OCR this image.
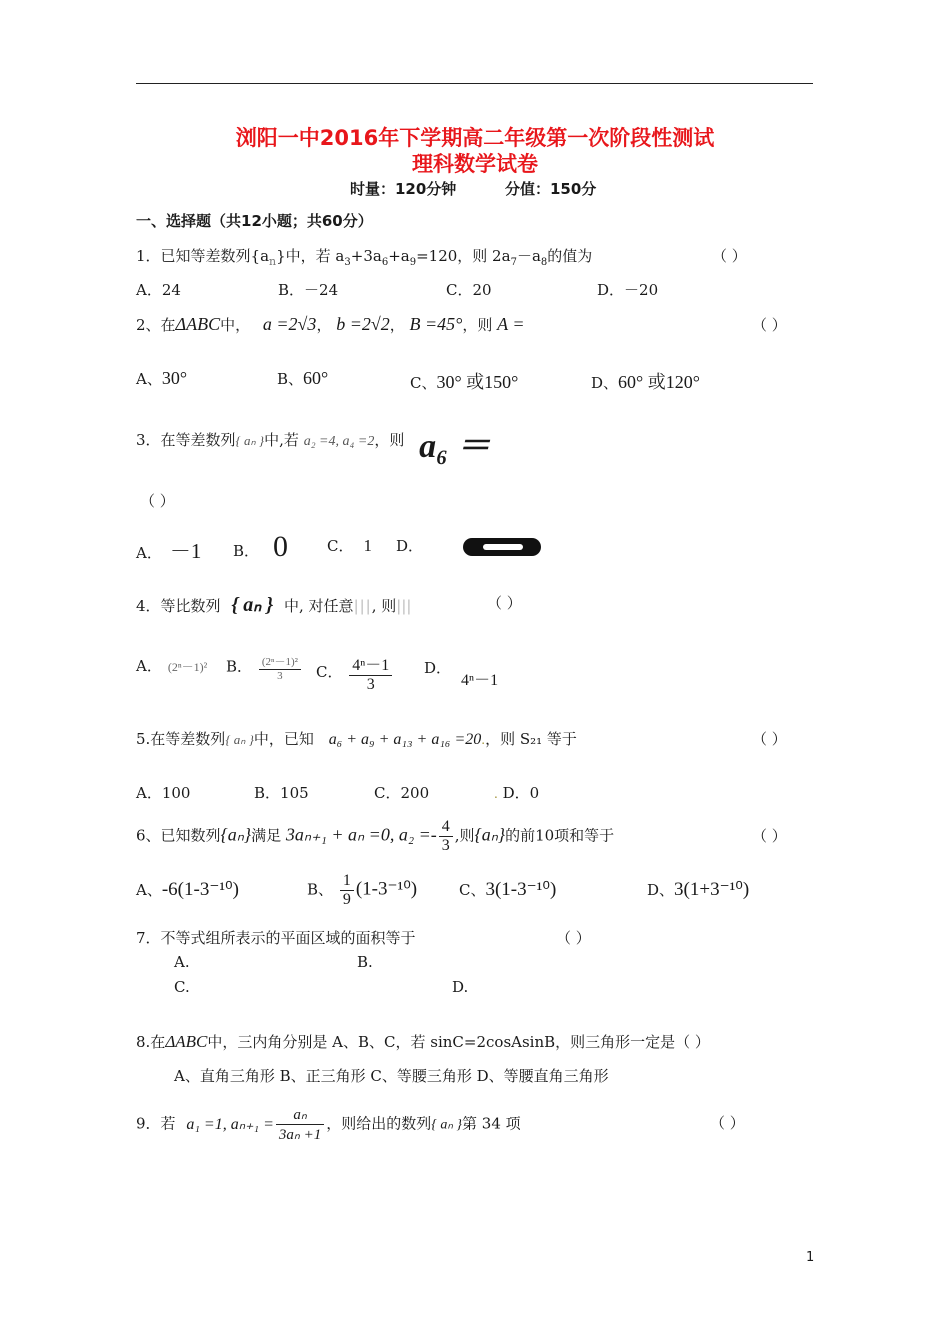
浏阳一中2016年下学期高二年级第一次阶段性测试
理科数学试卷
时量：120分钟	分值：150分
一、选择题（共12小题；共60分）
1．已知等差数列$\{a_n\}$中，若 $a_3+3a_6+a_9=120$，则 $2a_7-a_8$的值为	（ ）
A．24	B．－24	C．20	D．－20
2、在ΔABC中， a =2√3， b =2√2， B =45°，则 A =	（ ）
A、30°	B、60°	C、30° 或150°	D、60° 或120°
3．在等差数列{ aₙ }中,若 a₂ =4, a₄ =2，则 a₆ ＝
（ ）
A． －1 B． 0	C． 1 D．
4．等比数列 { aₙ } 中, 对任意|||, 则|||	（ ）
A． (2ⁿ－1)² B． $\frac{\text{(2ⁿ－1)²}}{3}$ C． $\frac{\text{4ⁿ－1}}{3}$ D．4ⁿ－1
5.在等差数列{ aₙ }中，已知 a₆ + a₉ + a₁₃ + a₁₆ =20.，则 S₂₁ 等于	（ ）
A．100	B．105	C．200	. D．0
6、已知数列{aₙ}满足 3aₙ₊₁ + aₙ =0, $a_2 =- \frac{4}{3}$ ,则{aₙ}的前10项和等于	（ ）
A、-6(1-3⁻¹⁰)	B、 $\frac{1}{9} (1-3^{-10})$	C、3(1-3⁻¹⁰)	D、3(1+3⁻¹⁰)
7．不等式组所表示的平面区域的面积等于	（ ）
A.	B.
C.	D.
8.在ΔABC中，三内角分别是 A、B、C，若 sinC=2cosAsinB，则三角形一定是（ ）
A、直角三角形 B、正三角形 C、等腰三角形 D、等腰直角三角形
9．若 a₁ =1, $a_{n+1} = \frac{\text{aₙ}}{\text{3aₙ +1}}$ ，则给出的数列{ aₙ }第 34 项	（ ）
1
